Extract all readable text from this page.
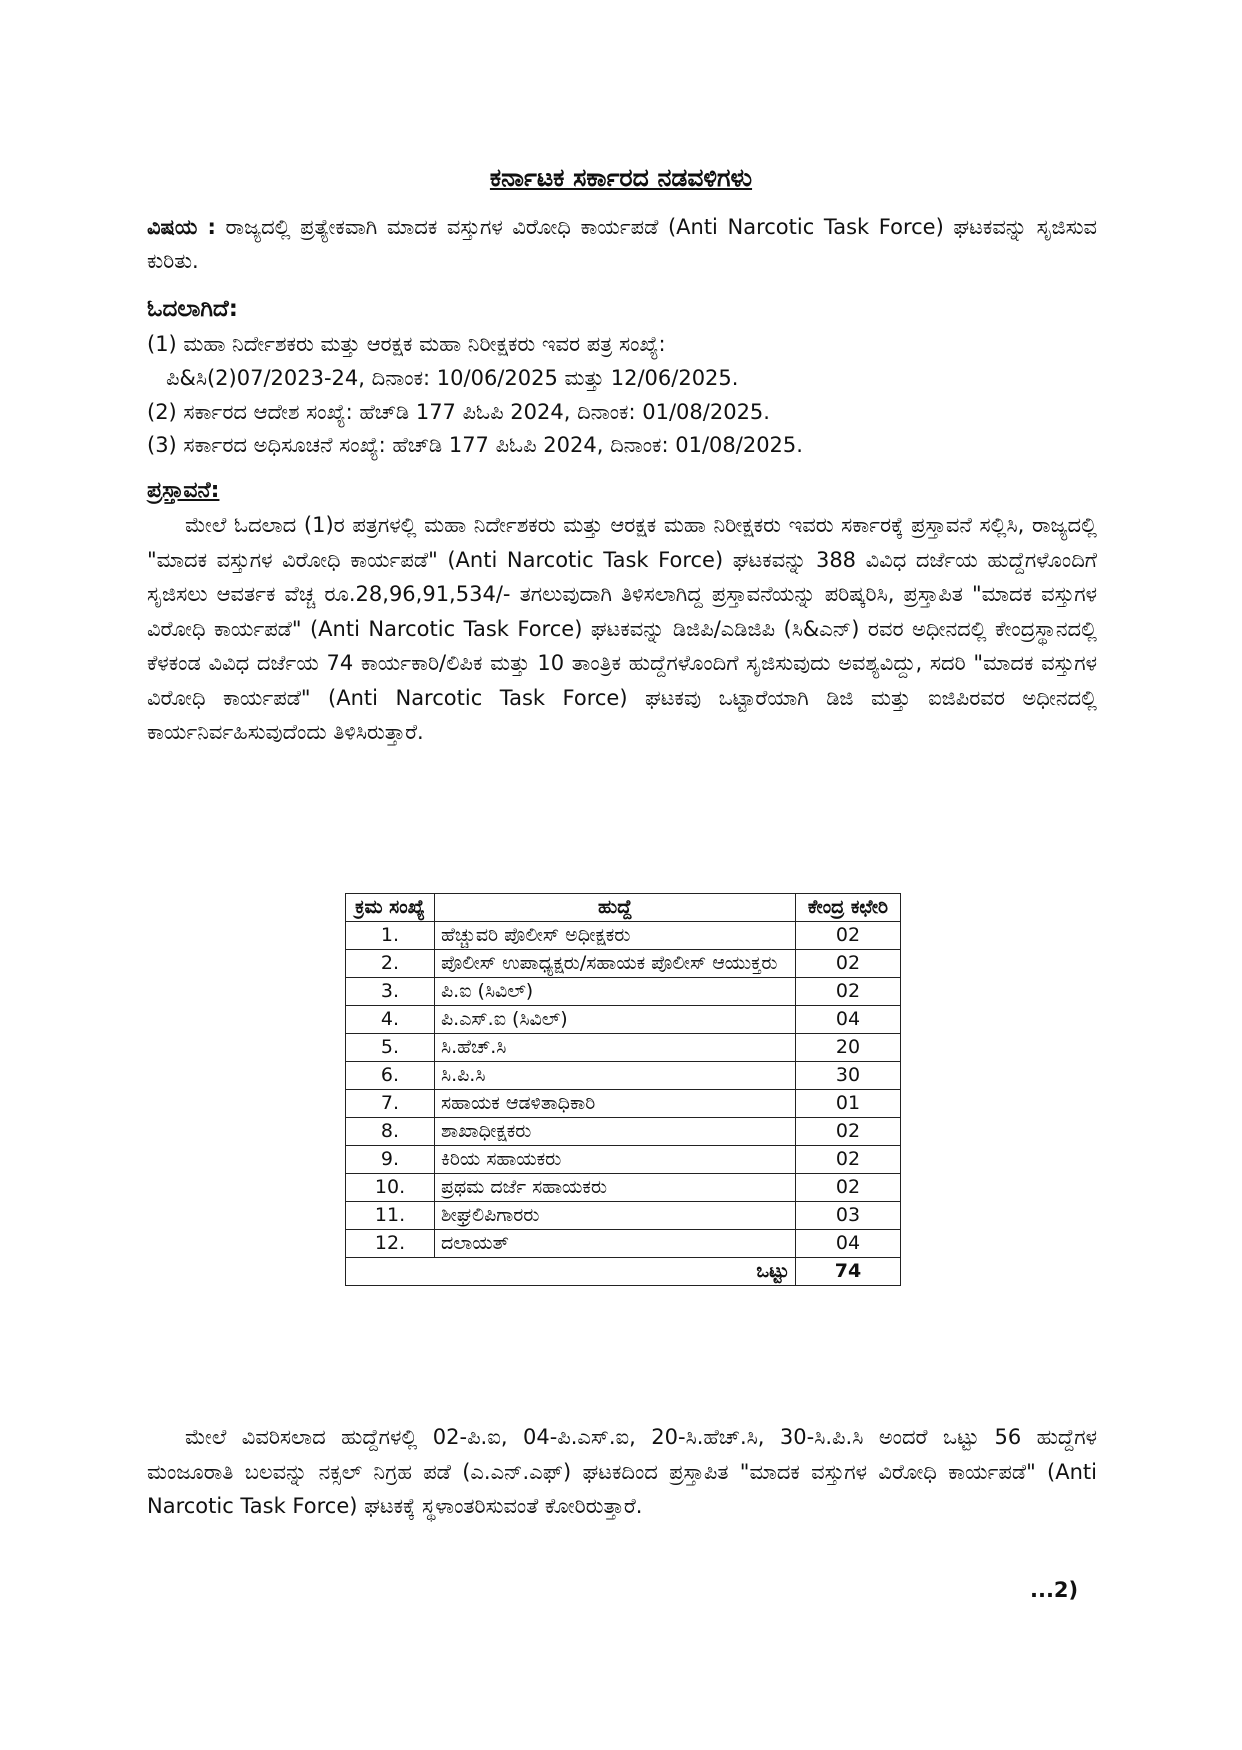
ಕರ್ನಾಟಕ ಸರ್ಕಾರದ ನಡವಳಿಗಳು
ವಿಷಯ : ರಾಜ್ಯದಲ್ಲಿ ಪ್ರತ್ಯೇಕವಾಗಿ ಮಾದಕ ವಸ್ತುಗಳ ವಿರೋಧಿ ಕಾರ್ಯಪಡೆ (Anti Narcotic Task Force) ಘಟಕವನ್ನು ಸೃಜಿಸುವ ಕುರಿತು.
ಓದಲಾಗಿದೆ:
(1) ಮಹಾ ನಿರ್ದೇಶಕರು ಮತ್ತು ಆರಕ್ಷಕ ಮಹಾ ನಿರೀಕ್ಷಕರು ಇವರ ಪತ್ರ ಸಂಖ್ಯೆ:
ಪಿ&ಸಿ(2)07/2023-24, ದಿನಾಂಕ: 10/06/2025 ಮತ್ತು 12/06/2025.
(2) ಸರ್ಕಾರದ ಆದೇಶ ಸಂಖ್ಯೆ: ಹೆಚ್‌ಡಿ 177 ಪಿಓಪಿ 2024, ದಿನಾಂಕ: 01/08/2025.
(3) ಸರ್ಕಾರದ ಅಧಿಸೂಚನೆ ಸಂಖ್ಯೆ: ಹೆಚ್‌ಡಿ 177 ಪಿಓಪಿ 2024, ದಿನಾಂಕ: 01/08/2025.
ಪ್ರಸ್ತಾವನೆ:
ಮೇಲೆ ಓದಲಾದ (1)ರ ಪತ್ರಗಳಲ್ಲಿ ಮಹಾ ನಿರ್ದೇಶಕರು ಮತ್ತು ಆರಕ್ಷಕ ಮಹಾ ನಿರೀಕ್ಷಕರು ಇವರು ಸರ್ಕಾರಕ್ಕೆ ಪ್ರಸ್ತಾವನೆ ಸಲ್ಲಿಸಿ, ರಾಜ್ಯದಲ್ಲಿ "ಮಾದಕ ವಸ್ತುಗಳ ವಿರೋಧಿ ಕಾರ್ಯಪಡೆ" (Anti Narcotic Task Force) ಘಟಕವನ್ನು 388 ವಿವಿಧ ದರ್ಜೆಯ ಹುದ್ದೆಗಳೊಂದಿಗೆ ಸೃಜಿಸಲು ಆವರ್ತಕ ವೆಚ್ಚ ರೂ.28,96,91,534/- ತಗಲುವುದಾಗಿ ತಿಳಿಸಲಾಗಿದ್ದ ಪ್ರಸ್ತಾವನೆಯನ್ನು ಪರಿಷ್ಕರಿಸಿ, ಪ್ರಸ್ತಾಪಿತ "ಮಾದಕ ವಸ್ತುಗಳ ವಿರೋಧಿ ಕಾರ್ಯಪಡೆ" (Anti Narcotic Task Force) ಘಟಕವನ್ನು ಡಿಜಿಪಿ/ಎಡಿಜಿಪಿ (ಸಿ&ಎನ್) ರವರ ಅಧೀನದಲ್ಲಿ ಕೇಂದ್ರಸ್ಥಾನದಲ್ಲಿ ಕೆಳಕಂಡ ವಿವಿಧ ದರ್ಜೆಯ 74 ಕಾರ್ಯಕಾರಿ/ಲಿಪಿಕ ಮತ್ತು 10 ತಾಂತ್ರಿಕ ಹುದ್ದೆಗಳೊಂದಿಗೆ ಸೃಜಿಸುವುದು ಅವಶ್ಯವಿದ್ದು, ಸದರಿ "ಮಾದಕ ವಸ್ತುಗಳ ವಿರೋಧಿ ಕಾರ್ಯಪಡೆ" (Anti Narcotic Task Force) ಘಟಕವು ಒಟ್ಟಾರೆಯಾಗಿ ಡಿಜಿ ಮತ್ತು ಐಜಿಪಿರವರ ಅಧೀನದಲ್ಲಿ ಕಾರ್ಯನಿರ್ವಹಿಸುವುದೆಂದು ತಿಳಿಸಿರುತ್ತಾರೆ.
ಕ್ರಮ ಸಂಖ್ಯೆ	ಹುದ್ದೆ	ಕೇಂದ್ರ ಕಛೇರಿ
1.	ಹೆಚ್ಚುವರಿ ಪೊಲೀಸ್ ಅಧೀಕ್ಷಕರು	02
2.	ಪೊಲೀಸ್ ಉಪಾಧ್ಯಕ್ಷರು/ಸಹಾಯಕ ಪೊಲೀಸ್ ಆಯುಕ್ತರು	02
3.	ಪಿ.ಐ (ಸಿವಿಲ್)	02
4.	ಪಿ.ಎಸ್.ಐ (ಸಿವಿಲ್)	04
5.	ಸಿ.ಹೆಚ್.ಸಿ	20
6.	ಸಿ.ಪಿ.ಸಿ	30
7.	ಸಹಾಯಕ ಆಡಳಿತಾಧಿಕಾರಿ	01
8.	ಶಾಖಾಧೀಕ್ಷಕರು	02
9.	ಕಿರಿಯ ಸಹಾಯಕರು	02
10.	ಪ್ರಥಮ ದರ್ಜೆ ಸಹಾಯಕರು	02
11.	ಶೀಘ್ರಲಿಪಿಗಾರರು	03
12.	ದಲಾಯತ್	04
ಒಟ್ಟು		74
ಮೇಲೆ ವಿವರಿಸಲಾದ ಹುದ್ದೆಗಳಲ್ಲಿ 02-ಪಿ.ಐ, 04-ಪಿ.ಎಸ್.ಐ, 20-ಸಿ.ಹೆಚ್.ಸಿ, 30-ಸಿ.ಪಿ.ಸಿ ಅಂದರೆ ಒಟ್ಟು 56 ಹುದ್ದೆಗಳ ಮಂಜೂರಾತಿ ಬಲವನ್ನು ನಕ್ಸಲ್ ನಿಗ್ರಹ ಪಡೆ (ಎ.ಎನ್.ಎಫ್) ಘಟಕದಿಂದ ಪ್ರಸ್ತಾಪಿತ "ಮಾದಕ ವಸ್ತುಗಳ ವಿರೋಧಿ ಕಾರ್ಯಪಡೆ" (Anti Narcotic Task Force) ಘಟಕಕ್ಕೆ ಸ್ಥಳಾಂತರಿಸುವಂತೆ ಕೋರಿರುತ್ತಾರೆ.
...2)
